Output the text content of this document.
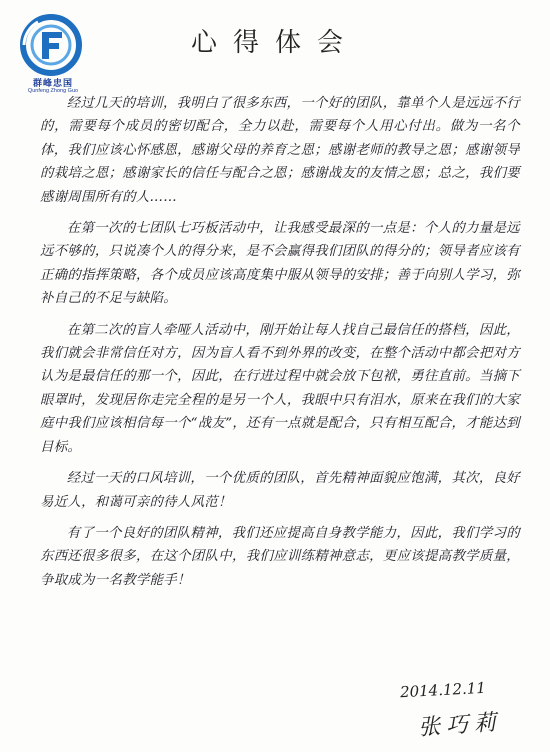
群峰忠国
Qunfeng Zhong Guo
心得体会

经过几天的培训，我明白了很多东西，一个好的团队，靠单个人是远远不行的，需要每个成员的密切配合，全力以赴，需要每个人用心付出。做为一名个体，我们应该心怀感恩，感谢父母的养育之恩；感谢老师的教导之恩；感谢领导的栽培之恩；感谢家长的信任与配合之恩；感谢战友的友情之恩；总之，我们要感谢周围所有的人……

在第一次的七团队七巧板活动中，让我感受最深的一点是：个人的力量是远远不够的，只说凑个人的得分来，是不会赢得我们团队的得分的；领导者应该有正确的指挥策略，各个成员应该高度集中服从领导的安排；善于向别人学习，弥补自己的不足与缺陷。

在第二次的盲人牵哑人活动中，刚开始让每人找自己最信任的搭档，因此，我们就会非常信任对方，因为盲人看不到外界的改变，在整个活动中都会把对方认为是最信任的那一个，因此，在行进过程中就会放下包袱，勇往直前。当摘下眼罩时，发现居你走完全程的是另一个人，我眼中只有泪水，原来在我们的大家庭中我们应该相信每一个“战友”，还有一点就是配合，只有相互配合，才能达到目标。

经过一天的口风培训，一个优质的团队，首先精神面貌应饱满，其次，良好易近人，和蔼可亲的待人风范！

有了一个良好的团队精神，我们还应提高自身教学能力，因此，我们学习的东西还很多很多，在这个团队中，我们应训练精神意志，更应该提高教学质量，争取成为一名教学能手！

2014.12.11
张巧莉
